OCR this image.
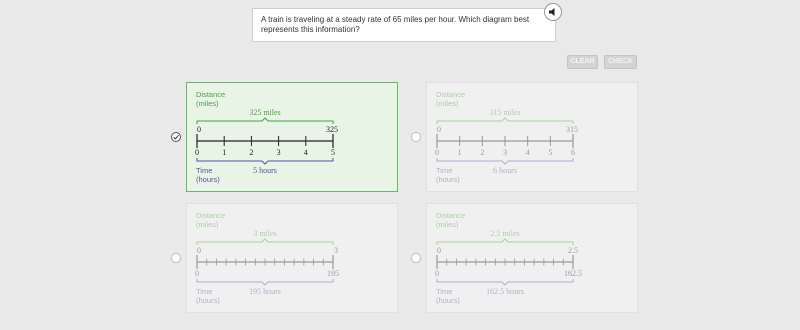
A train is traveling at a steady rate of 65 miles per hour. Which diagram best represents this information?
CLEAR	CHECK
Distance
(miles)
325 miles
0	325
0	1	2	3	4	5
5 hours
Time
(hours)
Distance
(miles)
315 miles
0	315
0 1 2 3 4 5 6
6 hours
Time
(hours)
Distance
(miles)
3 miles
0	3
0	195
195 hours
Time
(hours)
Distance
(miles)
2.5 miles
0	2.5
0	162.5
162.5 hours
Time
(hours)
